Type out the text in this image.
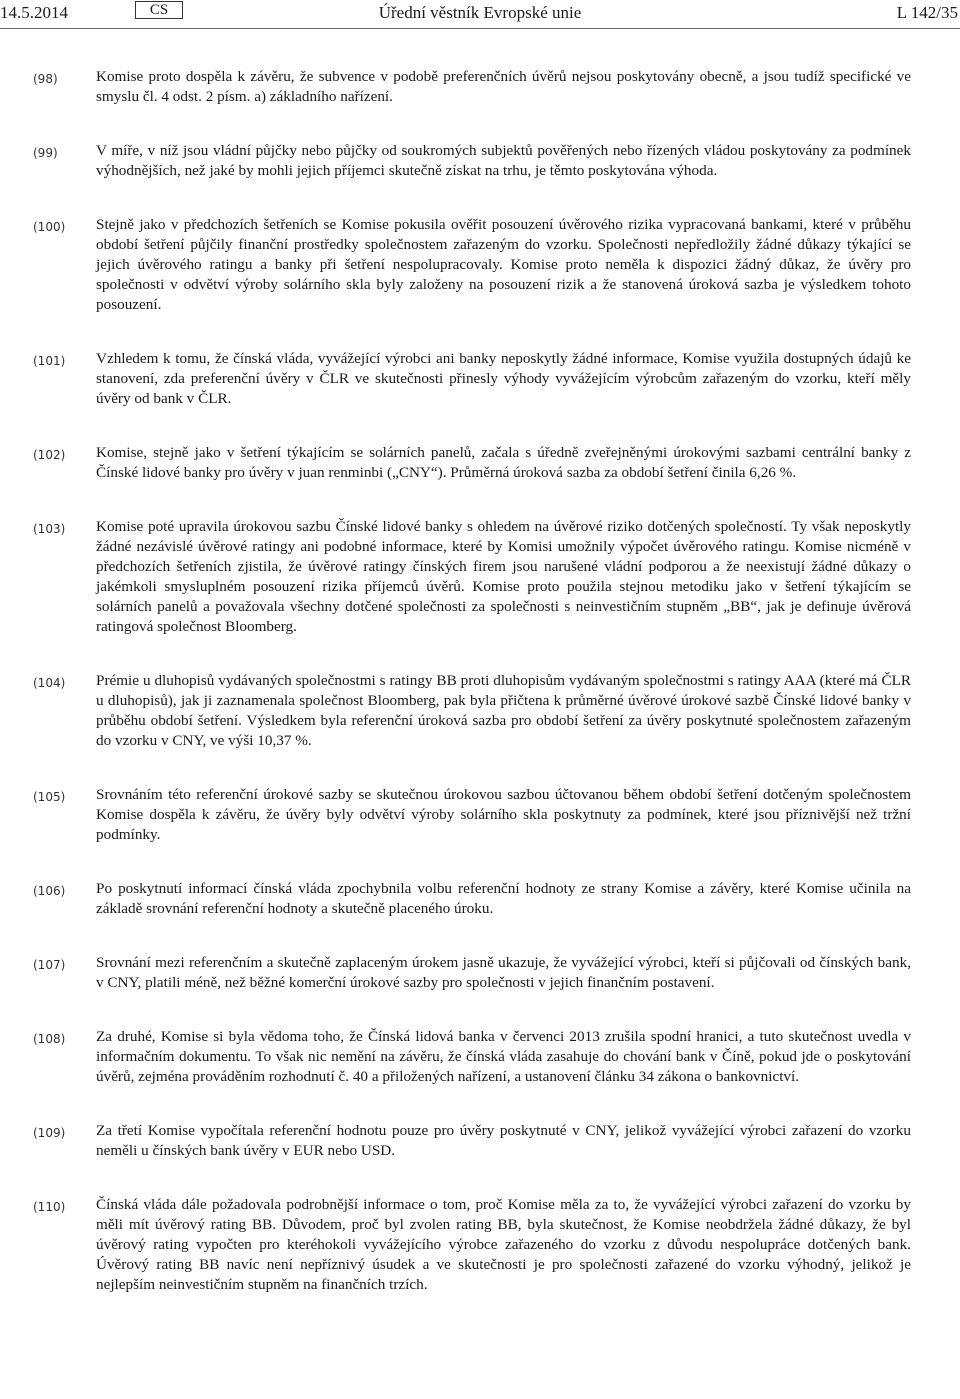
14.5.2014	CS	Úřední věstník Evropské unie	L 142/35
(98)	Komise proto dospěla k závěru, že subvence v podobě preferenčních úvěrů nejsou poskytovány obecně, a jsou tudíž specifické ve smyslu čl. 4 odst. 2 písm. a) základního nařízení.
(99)	V míře, v níž jsou vládní půjčky nebo půjčky od soukromých subjektů pověřených nebo řízených vládou poskytovány za podmínek výhodnějších, než jaké by mohli jejich příjemci skutečně získat na trhu, je těmto poskytována výhoda.
(100) Stejně jako v předchozích šetřeních se Komise pokusila ověřit posouzení úvěrového rizika vypracovaná bankami, které v průběhu období šetření půjčily finanční prostředky společnostem zařazeným do vzorku. Společnosti nepředložily žádné důkazy týkající se jejich úvěrového ratingu a banky při šetření nespolupracovaly. Komise proto neměla k dispozici žádný důkaz, že úvěry pro společnosti v odvětví výroby solárního skla byly založeny na posouzení rizik a že stanovená úroková sazba je výsledkem tohoto posouzení.
(101) Vzhledem k tomu, že čínská vláda, vyvážející výrobci ani banky neposkytly žádné informace, Komise využila dostupných údajů ke stanovení, zda preferenční úvěry v ČLR ve skutečnosti přinesly výhody vyvážejícím výrobcům zařazeným do vzorku, kteří měly úvěry od bank v ČLR.
(102) Komise, stejně jako v šetření týkajícím se solárních panelů, začala s úředně zveřejněnými úrokovými sazbami centrální banky z Čínské lidové banky pro úvěry v juan renminbi („CNY“). Průměrná úroková sazba za období šetření činila 6,26 %.
(103) Komise poté upravila úrokovou sazbu Čínské lidové banky s ohledem na úvěrové riziko dotčených společností. Ty však neposkytly žádné nezávislé úvěrové ratingy ani podobné informace, které by Komisi umožnily výpočet úvěrového ratingu. Komise nicméně v předchozích šetřeních zjistila, že úvěrové ratingy čínských firem jsou narušené vládní podporou a že neexistují žádné důkazy o jakémkoli smysluplném posouzení rizika příjemců úvěrů. Komise proto použila stejnou metodiku jako v šetření týkajícím se solárních panelů a považovala všechny dotčené společnosti za společnosti s neinvestičním stupněm „BB“, jak je definuje úvěrová ratingová společnost Bloomberg.
(104) Prémie u dluhopisů vydávaných společnostmi s ratingy BB proti dluhopisům vydávaným společnostmi s ratingy AAA (které má ČLR u dluhopisů), jak ji zaznamenala společnost Bloomberg, pak byla přičtena k průměrné úvěrové úrokové sazbě Čínské lidové banky v průběhu období šetření. Výsledkem byla referenční úroková sazba pro období šetření za úvěry poskytnuté společnostem zařazeným do vzorku v CNY, ve výši 10,37 %.
(105) Srovnáním této referenční úrokové sazby se skutečnou úrokovou sazbou účtovanou během období šetření dotčeným společnostem Komise dospěla k závěru, že úvěry byly odvětví výroby solárního skla poskytnuty za podmínek, které jsou příznivější než tržní podmínky.
(106) Po poskytnutí informací čínská vláda zpochybnila volbu referenční hodnoty ze strany Komise a závěry, které Komise učinila na základě srovnání referenční hodnoty a skutečně placeného úroku.
(107) Srovnání mezi referenčním a skutečně zaplaceným úrokem jasně ukazuje, že vyvážející výrobci, kteří si půjčovali od čínských bank, v CNY, platili méně, než běžné komerční úrokové sazby pro společnosti v jejich finančním postavení.
(108) Za druhé, Komise si byla vědoma toho, že Čínská lidová banka v červenci 2013 zrušila spodní hranici, a tuto skutečnost uvedla v informačním dokumentu. To však nic nemění na závěru, že čínská vláda zasahuje do chování bank v Číně, pokud jde o poskytování úvěrů, zejména prováděním rozhodnutí č. 40 a přiložených nařízení, a ustanovení článku 34 zákona o bankovnictví.
(109) Za třetí Komise vypočítala referenční hodnotu pouze pro úvěry poskytnuté v CNY, jelikož vyvážející výrobci zařazení do vzorku neměli u čínských bank úvěry v EUR nebo USD.
(110) Čínská vláda dále požadovala podrobnější informace o tom, proč Komise měla za to, že vyvážející výrobci zařazení do vzorku by měli mít úvěrový rating BB. Důvodem, proč byl zvolen rating BB, byla skutečnost, že Komise neobdržela žádné důkazy, že byl úvěrový rating vypočten pro kteréhokoli vyvážejícího výrobce zařazeného do vzorku z důvodu nespolupráce dotčených bank. Úvěrový rating BB navíc není nepříznivý úsudek a ve skutečnosti je pro společnosti zařazené do vzorku výhodný, jelikož je nejlepším neinvestičním stupněm na finančních trzích.
